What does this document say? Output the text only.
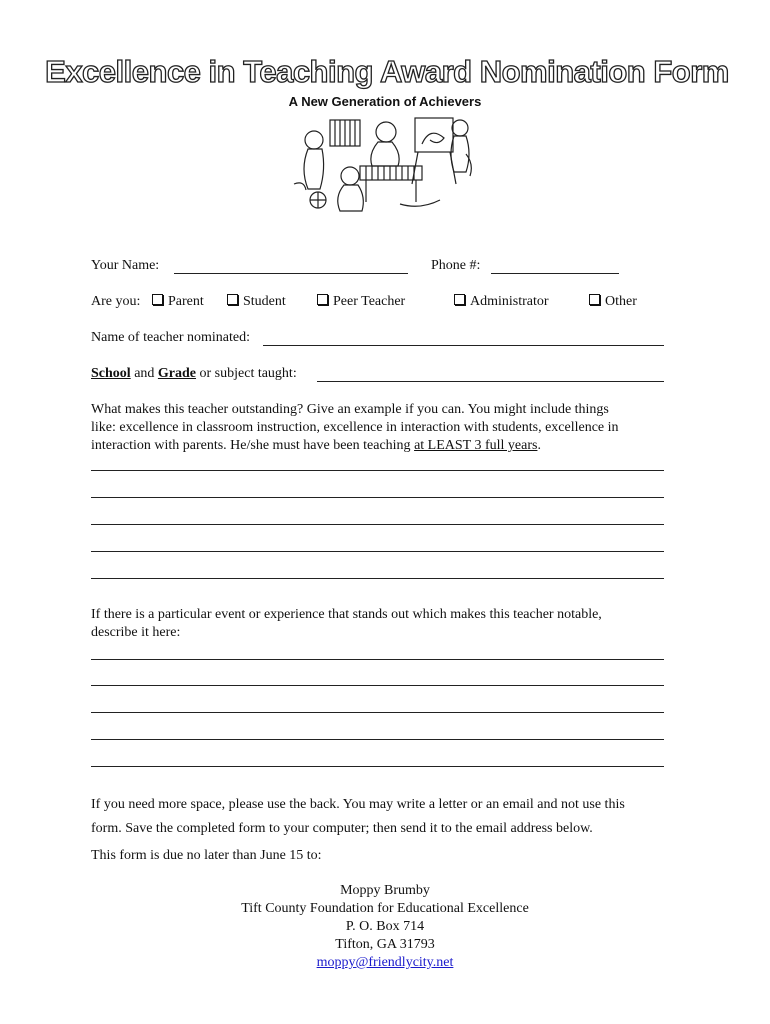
Excellence in Teaching Award Nomination Form
A New Generation of Achievers
Your Name:	Phone #:
Are you:	Parent	Student	Peer Teacher	Administrator	Other
Name of teacher nominated:
School and Grade or subject taught:
What makes this teacher outstanding? Give an example if you can. You might include things
like: excellence in classroom instruction, excellence in interaction with students, excellence in
interaction with parents. He/she must have been teaching at LEAST 3 full years.
If there is a particular event or experience that stands out which makes this teacher notable,
describe it here:
If you need more space, please use the back. You may write a letter or an email and not use this
form. Save the completed form to your computer; then send it to the email address below.
This form is due no later than June 15 to:
Moppy Brumby
Tift County Foundation for Educational Excellence
P. O. Box 714
Tifton, GA 31793
moppy@friendlycity.net
